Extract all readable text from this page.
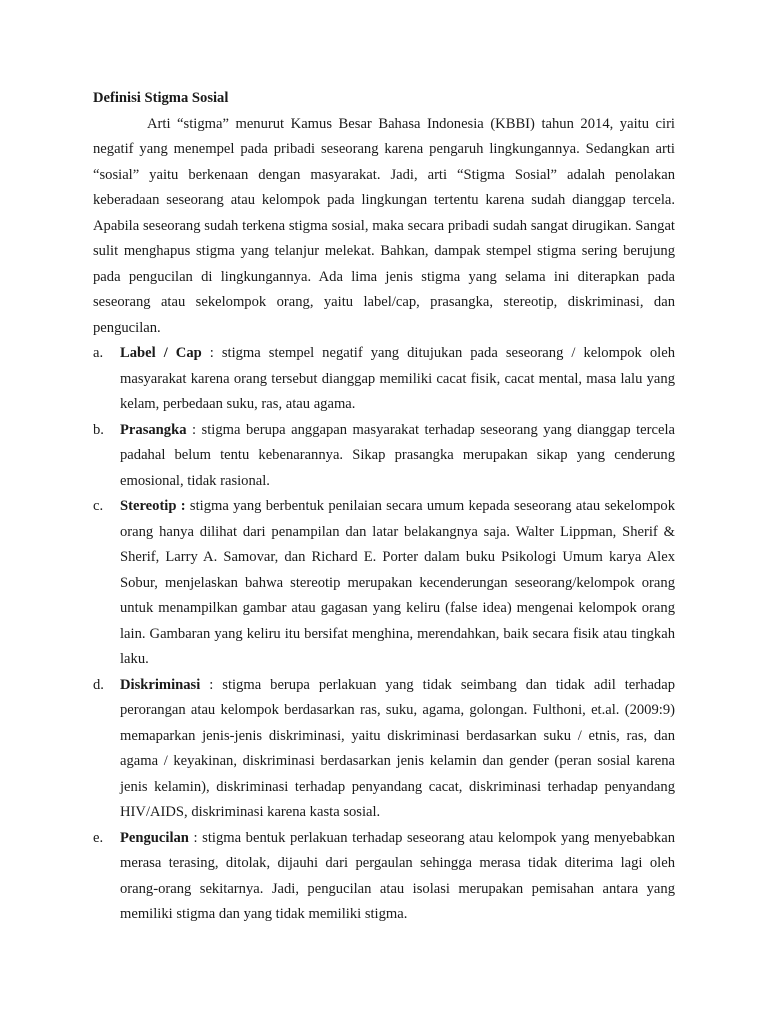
Definisi Stigma Sosial

Arti “stigma” menurut Kamus Besar Bahasa Indonesia (KBBI) tahun 2014, yaitu ciri negatif yang menempel pada pribadi seseorang karena pengaruh lingkungannya. Sedangkan arti “sosial” yaitu berkenaan dengan masyarakat. Jadi, arti “Stigma Sosial” adalah penolakan keberadaan seseorang atau kelompok pada lingkungan tertentu karena sudah dianggap tercela. Apabila seseorang sudah terkena stigma sosial, maka secara pribadi sudah sangat dirugikan. Sangat sulit menghapus stigma yang telanjur melekat. Bahkan, dampak stempel stigma sering berujung pada pengucilan di lingkungannya. Ada lima jenis stigma yang selama ini diterapkan pada seseorang atau sekelompok orang, yaitu label/cap, prasangka, stereotip, diskriminasi, dan pengucilan.

a.	Label / Cap : stigma stempel negatif yang ditujukan pada seseorang / kelompok oleh masyarakat karena orang tersebut dianggap memiliki cacat fisik, cacat mental, masa lalu yang kelam, perbedaan suku, ras, atau agama.
b.	Prasangka : stigma berupa anggapan masyarakat terhadap seseorang yang dianggap tercela padahal belum tentu kebenarannya. Sikap prasangka merupakan sikap yang cenderung emosional, tidak rasional.
c.	Stereotip : stigma yang berbentuk penilaian secara umum kepada seseorang atau sekelompok orang hanya dilihat dari penampilan dan latar belakangnya saja. Walter Lippman, Sherif & Sherif, Larry A. Samovar, dan Richard E. Porter dalam buku Psikologi Umum karya Alex Sobur, menjelaskan bahwa stereotip merupakan kecenderungan seseorang/kelompok orang untuk menampilkan gambar atau gagasan yang keliru (false idea) mengenai kelompok orang lain. Gambaran yang keliru itu bersifat menghina, merendahkan, baik secara fisik atau tingkah laku.
d.	Diskriminasi : stigma berupa perlakuan yang tidak seimbang dan tidak adil terhadap perorangan atau kelompok berdasarkan ras, suku, agama, golongan. Fulthoni, et.al. (2009:9) memaparkan jenis-jenis diskriminasi, yaitu diskriminasi berdasarkan suku / etnis, ras, dan agama / keyakinan, diskriminasi berdasarkan jenis kelamin dan gender (peran sosial karena jenis kelamin), diskriminasi terhadap penyandang cacat, diskriminasi terhadap penyandang HIV/AIDS, diskriminasi karena kasta sosial.
e.	Pengucilan : stigma bentuk perlakuan terhadap seseorang atau kelompok yang menyebabkan merasa terasing, ditolak, dijauhi dari pergaulan sehingga merasa tidak diterima lagi oleh orang-orang sekitarnya. Jadi, pengucilan atau isolasi merupakan pemisahan antara yang memiliki stigma dan yang tidak memiliki stigma.
